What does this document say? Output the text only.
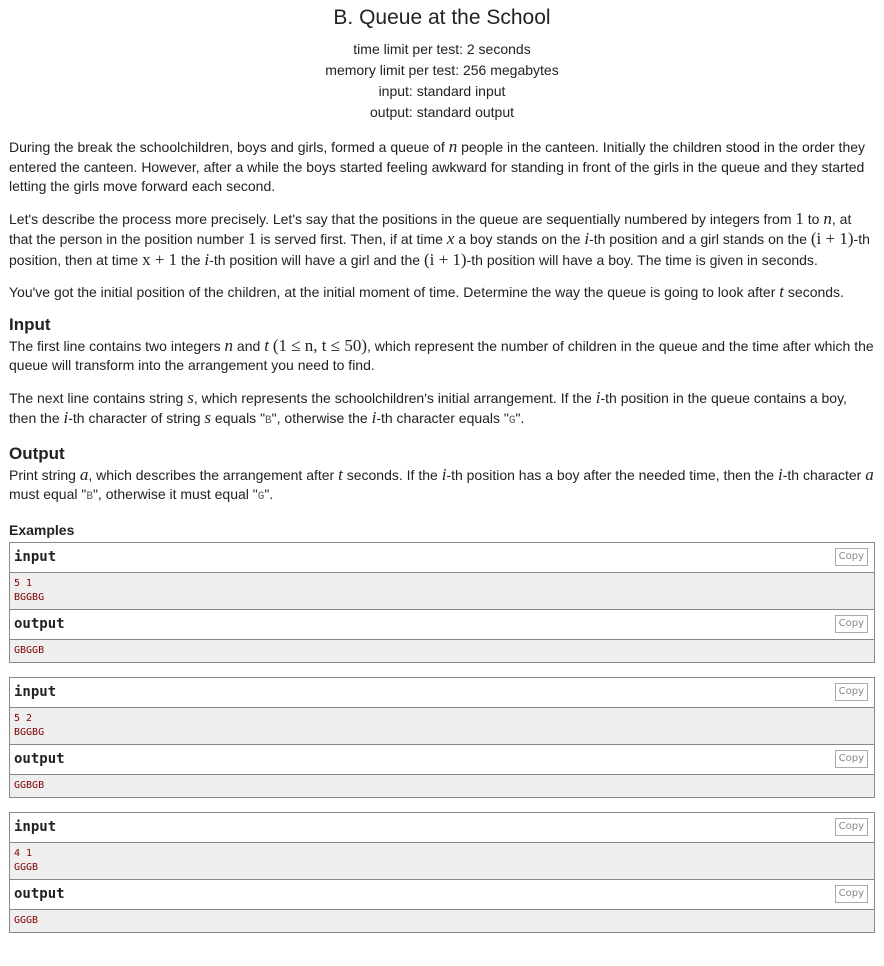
B. Queue at the School
time limit per test: 2 seconds
memory limit per test: 256 megabytes
input: standard input
output: standard output

During the break the schoolchildren, boys and girls, formed a queue of n people in the canteen. Initially the children stood in the order they entered the canteen. However, after a while the boys started feeling awkward for standing in front of the girls in the queue and they started letting the girls move forward each second.

Let's describe the process more precisely. Let's say that the positions in the queue are sequentially numbered by integers from 1 to n, at that the person in the position number 1 is served first. Then, if at time x a boy stands on the i-th position and a girl stands on the (i + 1)-th position, then at time x + 1 the i-th position will have a girl and the (i + 1)-th position will have a boy. The time is given in seconds.

You've got the initial position of the children, at the initial moment of time. Determine the way the queue is going to look after t seconds.

Input

The first line contains two integers n and t (1 ≤ n, t ≤ 50), which represent the number of children in the queue and the time after which the queue will transform into the arrangement you need to find.

The next line contains string s, which represents the schoolchildren's initial arrangement. If the i-th position in the queue contains a boy, then the i-th character of string s equals "B", otherwise the i-th character equals "G".

Output

Print string a, which describes the arrangement after t seconds. If the i-th position has a boy after the needed time, then the i-th character a must equal "B", otherwise it must equal "G".

Examples
input	Copy
5 1
BGGBG
output	Copy
GBGGB
input	Copy
5 2
BGGBG
output	Copy
GGBGB
input	Copy
4 1
GGGB
output	Copy
GGGB
